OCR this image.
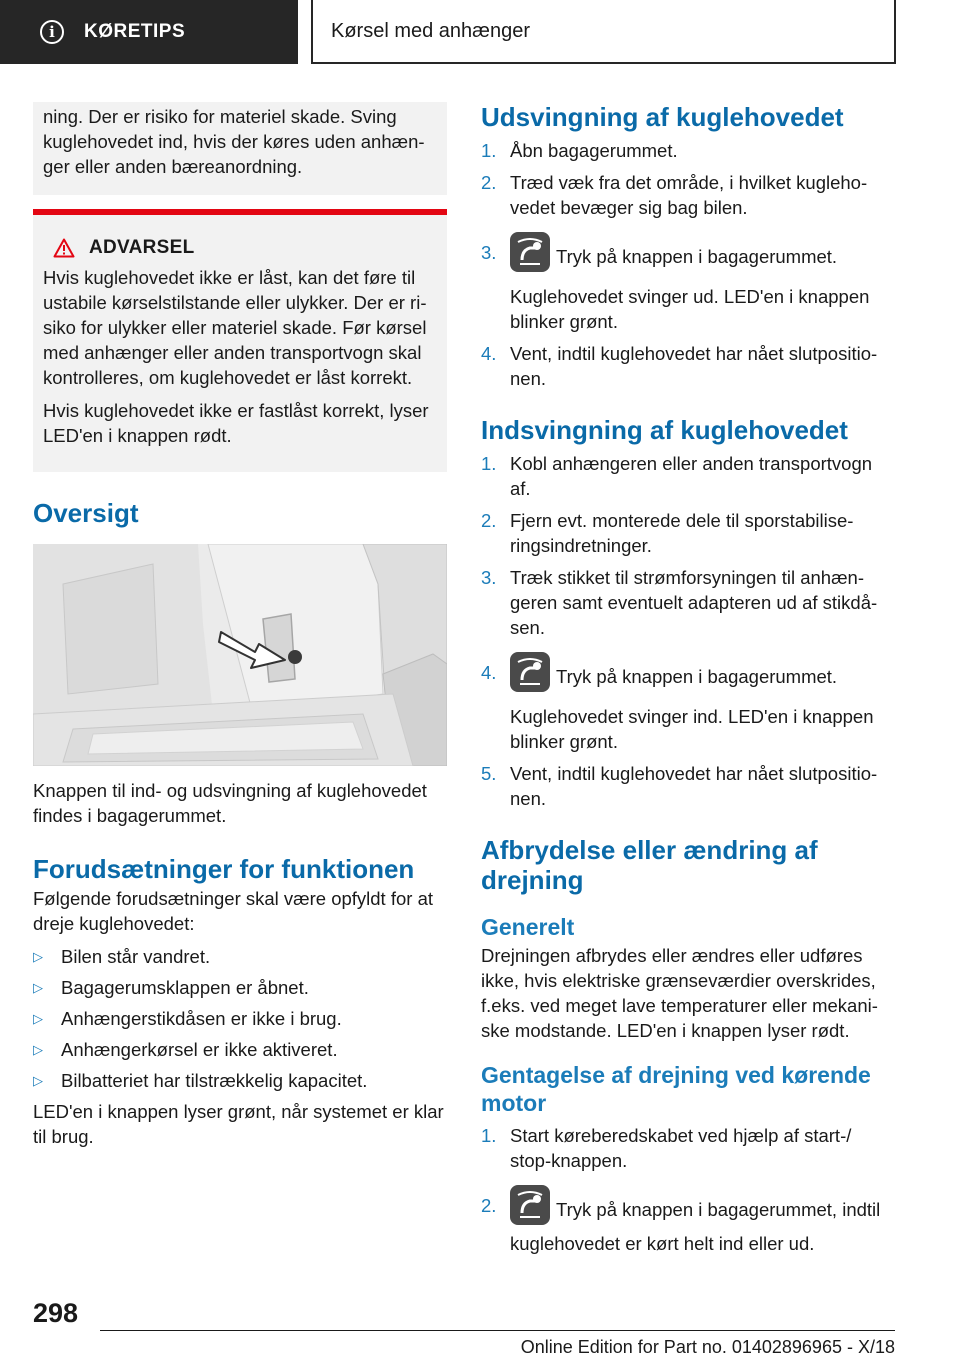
i	KØRETIPS	Kørsel med anhænger

ning. Der er risiko for materiel skade. Sving kuglehovedet ind, hvis der køres uden anhænger eller anden bæreanordning.

ADVARSEL

Hvis kuglehovedet ikke er låst, kan det føre til ustabile kørselstilstande eller ulykker. Der er risiko for ulykker eller materiel skade. Før kørsel med anhænger eller anden transportvogn skal kontrolleres, om kuglehovedet er låst korrekt.

Hvis kuglehovedet ikke er fastlåst korrekt, lyser LED'en i knappen rødt.

Oversigt

Knappen til ind- og udsvingning af kuglehovedet findes i bagagerummet.

Forudsætninger for funktionen

Følgende forudsætninger skal være opfyldt for at dreje kuglehovedet:

▷ Bilen står vandret.
▷ Bagagerumsklappen er åbnet.
▷ Anhængerstikdåsen er ikke i brug.
▷ Anhængerkørsel er ikke aktiveret.
▷ Bilbatteriet har tilstrækkelig kapacitet.

LED'en i knappen lyser grønt, når systemet er klar til brug.

Udsvingning af kuglehovedet
1. Åbn bagagerummet.
2. Træd væk fra det område, i hvilket kuglehovedet bevæger sig bag bilen.
3.	Tryk på knappen i bagagerummet.
Kuglehovedet svinger ud. LED'en i knappen blinker grønt.
4. Vent, indtil kuglehovedet har nået slutpositionen.
Indsvingning af kuglehovedet
1. Kobl anhængeren eller anden transportvogn af.
2. Fjern evt. monterede dele til sporstabiliseringsindretninger.
3. Træk stikket til strømforsyningen til anhængeren samt eventuelt adapteren ud af stikdåsen.
4.	Tryk på knappen i bagagerummet.
Kuglehovedet svinger ind. LED'en i knappen blinker grønt.
5. Vent, indtil kuglehovedet har nået slutpositionen.
Afbrydelse eller ændring af drejning
Generelt

Drejningen afbrydes eller ændres eller udføres ikke, hvis elektriske grænseværdier overskrides, f.eks. ved meget lave temperaturer eller mekaniske modstande. LED'en i knappen lyser rødt.

Gentagelse af drejning ved kørende motor
1. Start køreberedskabet ved hjælp af start-/ stop-knappen.
2.	Tryk på knappen i bagagerummet, indtil kuglehovedet er kørt helt ind eller ud.
298
Online Edition for Part no. 01402896965 - X/18
